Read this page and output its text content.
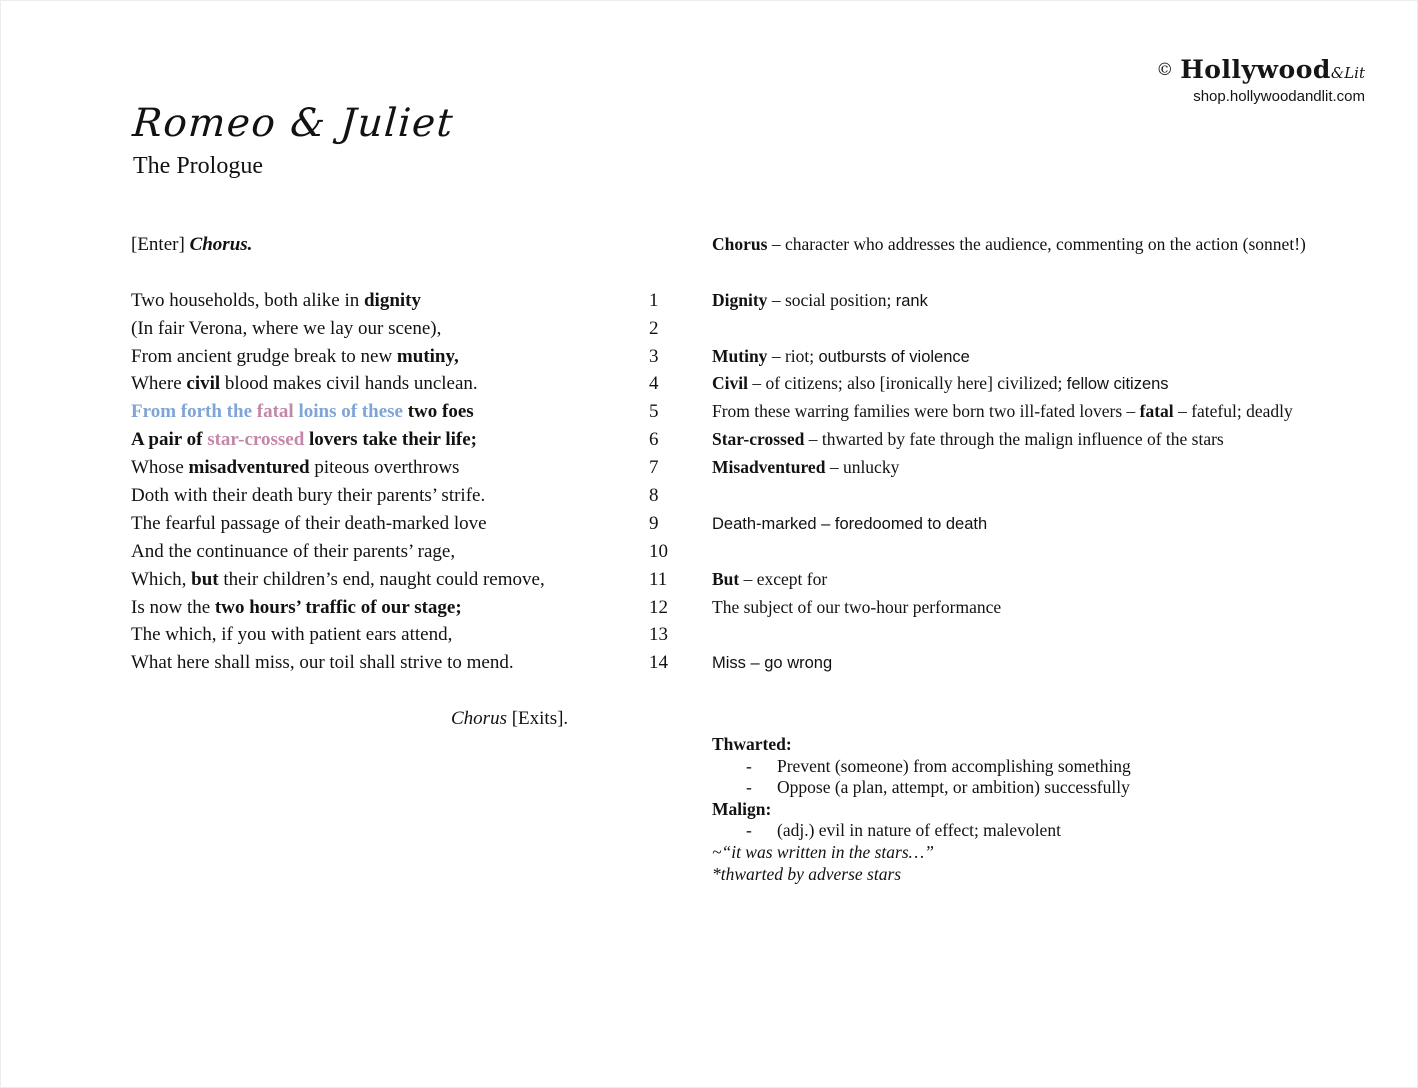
© Hollywood&Lit
shop.hollywoodandlit.com
Romeo & Juliet
The Prologue
[Enter] Chorus.	Chorus – character who addresses the audience, commenting on the action (sonnet!)
Two households, both alike in dignity	1	Dignity – social position; rank
(In fair Verona, where we lay our scene),	2
From ancient grudge break to new mutiny,	3	Mutiny – riot; outbursts of violence
Where civil blood makes civil hands unclean.	4	Civil – of citizens; also [ironically here] civilized; fellow citizens
From forth the fatal loins of these two foes	5	From these warring families were born two ill-fated lovers – fatal – fateful; deadly
A pair of star-crossed lovers take their life;	6	Star-crossed – thwarted by fate through the malign influence of the stars
Whose misadventured piteous overthrows	7	Misadventured – unlucky
Doth with their death bury their parents’ strife.	8
The fearful passage of their death-marked love	9	Death-marked – foredoomed to death
And the continuance of their parents’ rage,	10
Which, but their children’s end, naught could remove,	11	But – except for
Is now the two hours’ traffic of our stage;	12	The subject of our two-hour performance
The which, if you with patient ears attend,	13
What here shall miss, our toil shall strive to mend.	14	Miss – go wrong
Chorus [Exits].
Thwarted:
- Prevent (someone) from accomplishing something
- Oppose (a plan, attempt, or ambition) successfully
Malign:
- (adj.) evil in nature of effect; malevolent
~“it was written in the stars…”
*thwarted by adverse stars
